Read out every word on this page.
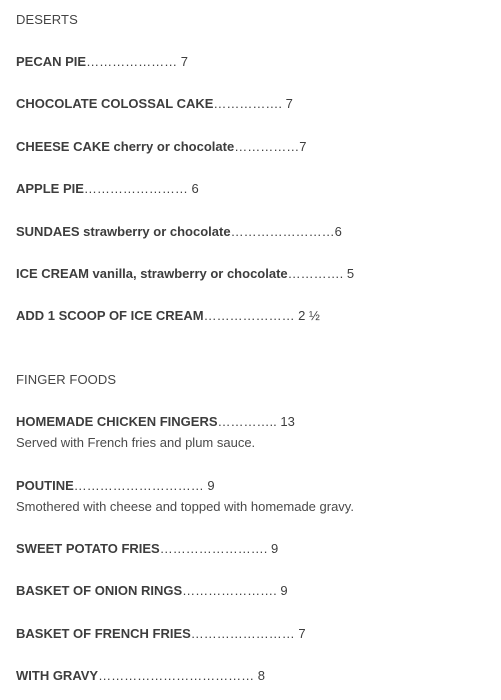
DESERTS
PECAN PIE………………… 7
CHOCOLATE COLOSSAL CAKE……………. 7
CHEESE CAKE cherry or chocolate……………7
APPLE PIE…………………… 6
SUNDAES strawberry or chocolate……………………6
ICE CREAM vanilla, strawberry or chocolate…………. 5
ADD 1 SCOOP OF ICE CREAM………………… 2 ½
FINGER FOODS
HOMEMADE CHICKEN FINGERS………….. 13
Served with French fries and plum sauce.
POUTINE………………………… 9
Smothered with cheese and topped with homemade gravy.
SWEET POTATO FRIES……………………. 9
BASKET OF ONION RINGS…………………. 9
BASKET OF FRENCH FRIES…………………… 7
WITH GRAVY……………………………… 8
